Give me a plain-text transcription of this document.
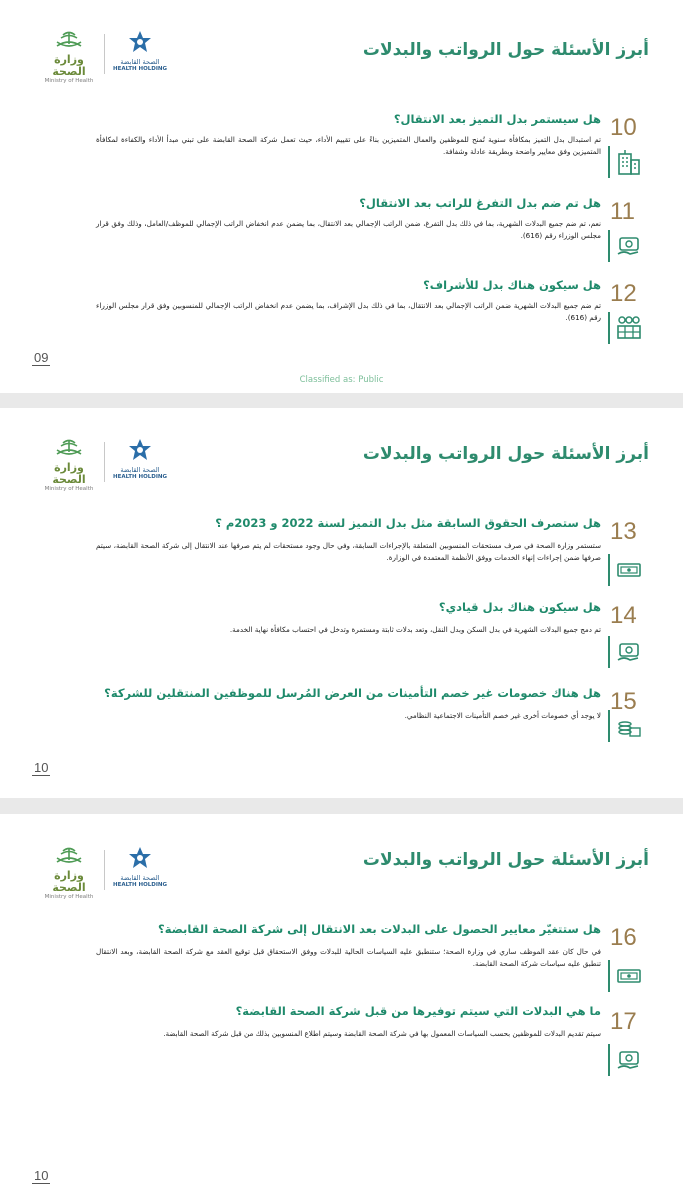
وزارة الصحة
Ministry of Health
الصحة القابضة
HEALTH HOLDING
أبرز الأسئلة حول الرواتب والبدلات
هل سيستمر بدل التميز بعد الانتقال؟
تم استبدال بدل التميز بمكافأة سنوية تُمنح للموظفين والعمال المتميزين بناءً على تقييم الأداء، حيث تعمل شركة الصحة القابضة على تبني مبدأ الأداء والكفاءة لمكافأة المتميزين وفق معايير واضحة وبطريقة عادلة وشفافة.
10
هل تم ضم بدل التفرغ للراتب بعد الانتقال؟
نعم، تم ضم جميع البدلات الشهرية، بما في ذلك بدل التفرغ، ضمن الراتب الإجمالي بعد الانتقال، بما يضمن عدم انخفاض الراتب الإجمالي للموظف/العامل، وذلك وفق قرار مجلس الوزراء رقم (616).
11
هل سيكون هناك بدل للأشراف؟
تم ضم جميع البدلات الشهرية ضمن الراتب الإجمالي بعد الانتقال، بما في ذلك بدل الإشراف، بما يضمن عدم انخفاض الراتب الإجمالي للمنسوبين وفق قرار مجلس الوزراء رقم (616).
12
09
Classified as: Public
وزارة الصحة
Ministry of Health
الصحة القابضة
HEALTH HOLDING
أبرز الأسئلة حول الرواتب والبدلات
هل ستصرف الحقوق السابقة مثل بدل التميز لسنة 2022 و 2023م ؟
ستستمر وزارة الصحة في صرف مستحقات المنسوبين المتعلقة بالإجراءات السابقة، وفي حال وجود مستحقات لم يتم صرفها عند الانتقال إلى شركة الصحة القابضة، سيتم صرفها ضمن إجراءات إنهاء الخدمات ووفق الأنظمة المعتمدة في الوزارة.
13
هل سيكون هناك بدل قيادي؟
تم دمج جميع البدلات الشهرية في بدل السكن وبدل النقل، وتعد بدلات ثابتة ومستمرة وتدخل في احتساب مكافأة نهاية الخدمة.
14
هل هناك خصومات غير خصم التأمينات من العرض المُرسل للموظفين المنتقلين للشركة؟
لا يوجد أي خصومات أخرى غير خصم التأمينات الاجتماعية النظامي.
15
10
وزارة الصحة
Ministry of Health
الصحة القابضة
HEALTH HOLDING
أبرز الأسئلة حول الرواتب والبدلات
هل ستتغيّر معايير الحصول على البدلات بعد الانتقال إلى شركة الصحة القابضة؟
في حال كان عقد الموظف ساري في وزارة الصحة؛ ستنطبق عليه السياسات الحالية للبدلات ووفق الاستحقاق قبل توقيع العقد مع شركة الصحة القابضة، وبعد الانتقال تنطبق عليه سياسات شركة الصحة القابضة.
16
ما هي البدلات التي سيتم توفيرها من قبل شركة الصحة القابضة؟
سيتم تقديم البدلات للموظفين بحسب السياسات المعمول بها في شركة الصحة القابضة وسيتم اطلاع المنسوبين بذلك من قبل شركة الصحة القابضة. 17
10
